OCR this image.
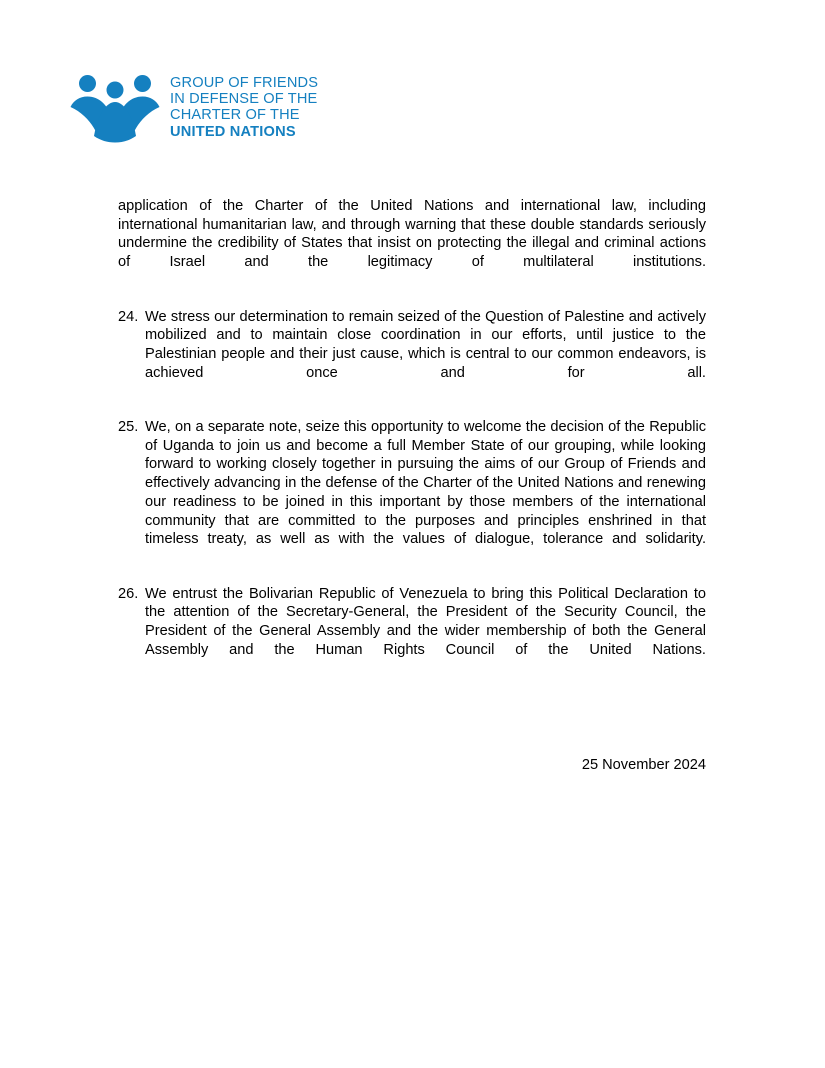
GROUP OF FRIENDS
IN DEFENSE OF THE
CHARTER OF THE
UNITED NATIONS
application of the Charter of the United Nations and international law, including international humanitarian law, and through warning that these double standards seriously undermine the credibility of States that insist on protecting the illegal and criminal actions of Israel and the legitimacy of multilateral institutions.
24. We stress our determination to remain seized of the Question of Palestine and actively mobilized and to maintain close coordination in our efforts, until justice to the Palestinian people and their just cause, which is central to our common endeavors, is achieved once and for all.
25. We, on a separate note, seize this opportunity to welcome the decision of the Republic of Uganda to join us and become a full Member State of our grouping, while looking forward to working closely together in pursuing the aims of our Group of Friends and effectively advancing in the defense of the Charter of the United Nations and renewing our readiness to be joined in this important by those members of the international community that are committed to the purposes and principles enshrined in that timeless treaty, as well as with the values of dialogue, tolerance and solidarity.
26. We entrust the Bolivarian Republic of Venezuela to bring this Political Declaration to the attention of the Secretary-General, the President of the Security Council, the President of the General Assembly and the wider membership of both the General Assembly and the Human Rights Council of the United Nations.
25 November 2024
